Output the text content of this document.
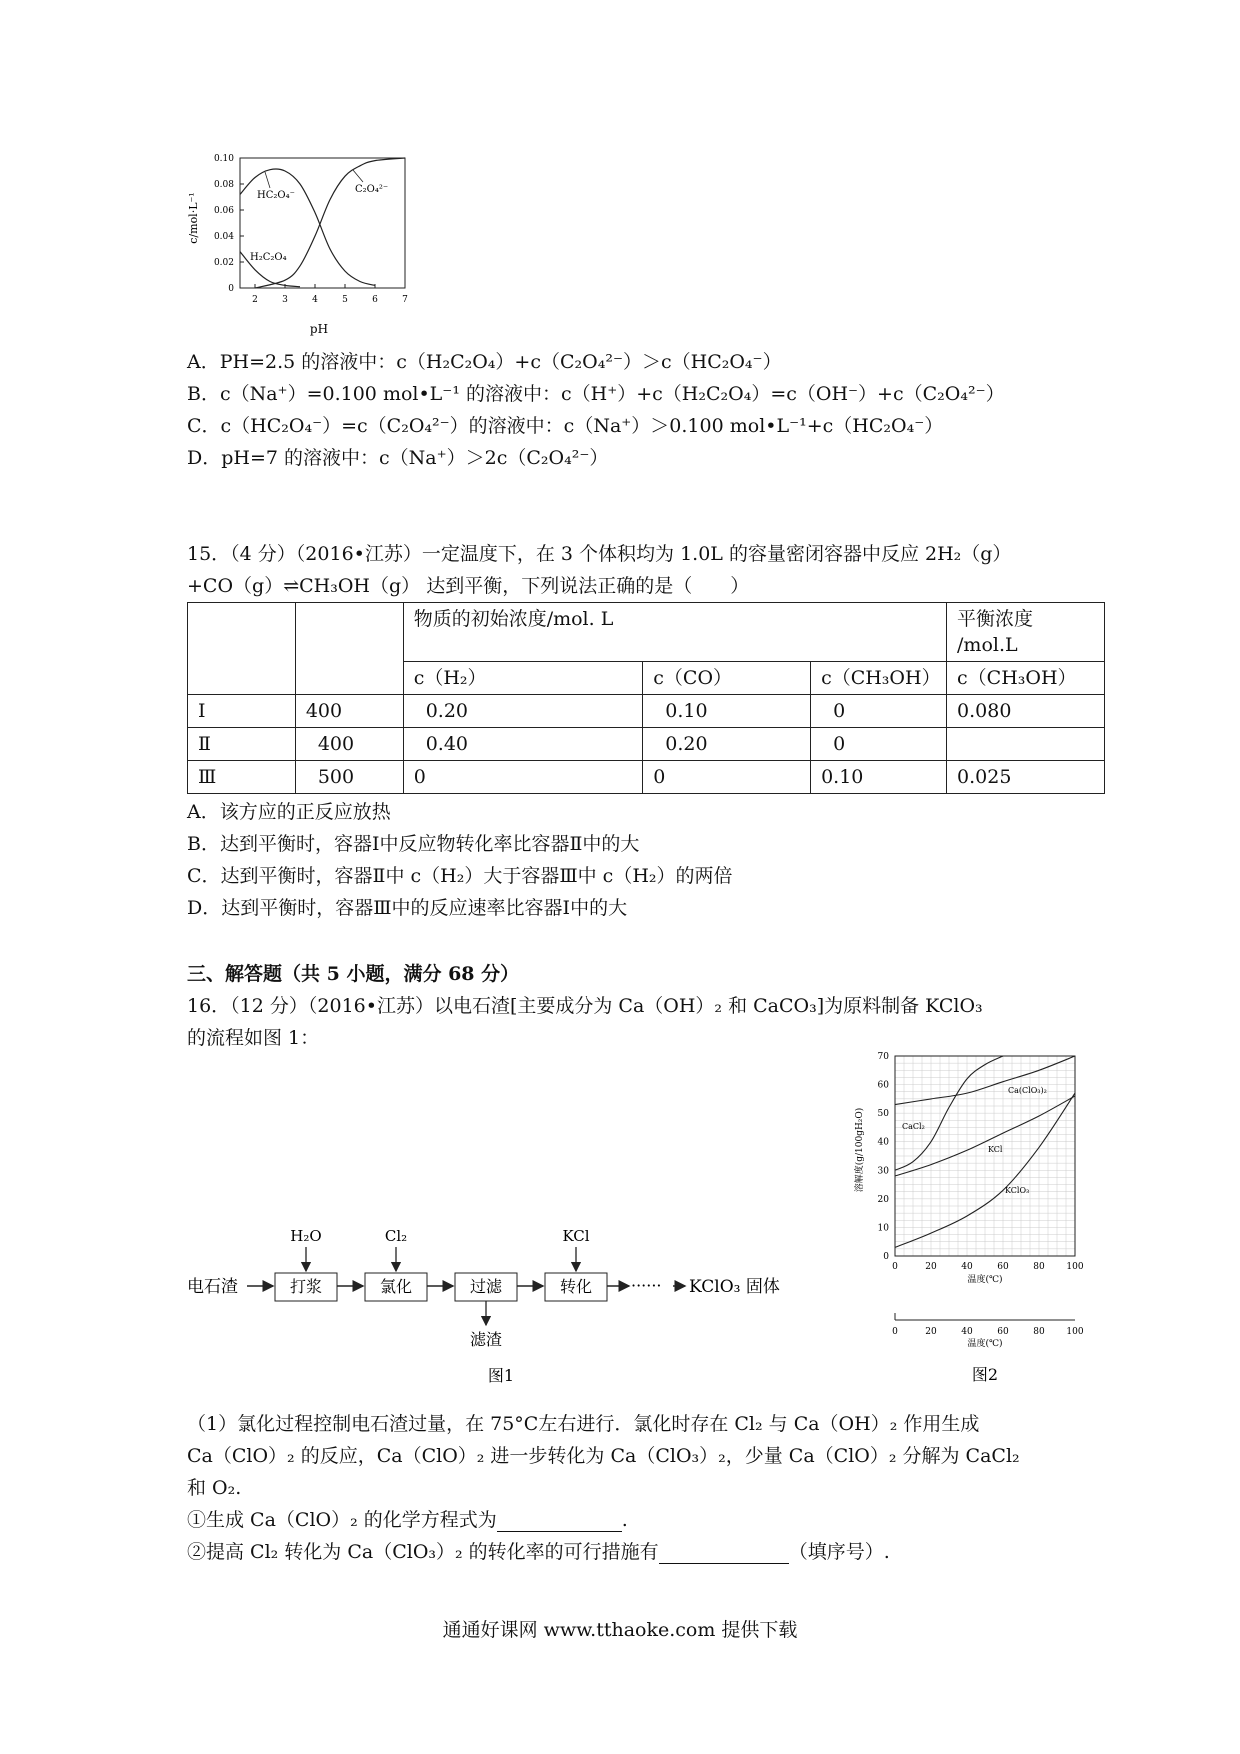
c/mol·L⁻¹
0.10
0.08
0.06
0.04
0.02
0
2	3	4	5	6	7
HC₂O₄⁻
C₂O₄²⁻
H₂C₂O₄
pH
A．PH=2.5 的溶液中：c（H₂C₂O₄）+c（C₂O₄²⁻）＞c（HC₂O₄⁻）
B．c（Na⁺）=0.100 mol•L⁻¹ 的溶液中：c（H⁺）+c（H₂C₂O₄）=c（OH⁻）+c（C₂O₄²⁻）
C．c（HC₂O₄⁻）=c（C₂O₄²⁻）的溶液中：c（Na⁺）＞0.100 mol•L⁻¹+c（HC₂O₄⁻）
D．pH=7 的溶液中：c（Na⁺）＞2c（C₂O₄²⁻）
15．（4 分）（2016•江苏）一定温度下，在 3 个体积均为 1.0L 的容量密闭容器中反应 2H₂（g）
+CO（g）⇌CH₃OH（g） 达到平衡，下列说法正确的是（　　）
		物质的初始浓度/mol. L			平衡浓度
/mol.L
		c（H₂）	c（CO）	c（CH₃OH）	c（CH₃OH）
I	400	0.20	0.10	0	0.080
Ⅱ	400	0.40	0.20	0	
Ⅲ	500	0	0	0.10	0.025
A．该方应的正反应放热
B．达到平衡时，容器I中反应物转化率比容器Ⅱ中的大
C．达到平衡时，容器Ⅱ中 c（H₂）大于容器Ⅲ中 c（H₂）的两倍
D．达到平衡时，容器Ⅲ中的反应速率比容器I中的大
三、解答题（共 5 小题，满分 68 分）
16．（12 分）（2016•江苏）以电石渣[主要成分为 Ca（OH）₂ 和 CaCO₃]为原料制备 KClO₃
的流程如图 1：
电石渣	打浆	氯化	过滤	转化 ······ KClO₃ 固体
H₂O	Cl₂	KCl
滤渣
图1
溶解度(g/100gH₂O)
70
60
50
40
30
20
10
0
0	20	40	60	80 100
Ca(ClO₃)₂
CaCl₂
KCl
KClO₃
温度(℃)
0	20	40	60	80 100
温度(℃)
图2
（1）氯化过程控制电石渣过量，在 75°C左右进行．氯化时存在 Cl₂ 与 Ca（OH）₂ 作用生成
Ca（ClO）₂ 的反应，Ca（ClO）₂ 进一步转化为 Ca（ClO₃）₂，少量 Ca（ClO）₂ 分解为 CaCl₂
和 O₂.
①生成 Ca（ClO）₂ 的化学方程式为	.
②提高 Cl₂ 转化为 Ca（ClO₃）₂ 的转化率的可行措施有	（填序号）.
通通好课网 www.tthaoke.com 提供下载
